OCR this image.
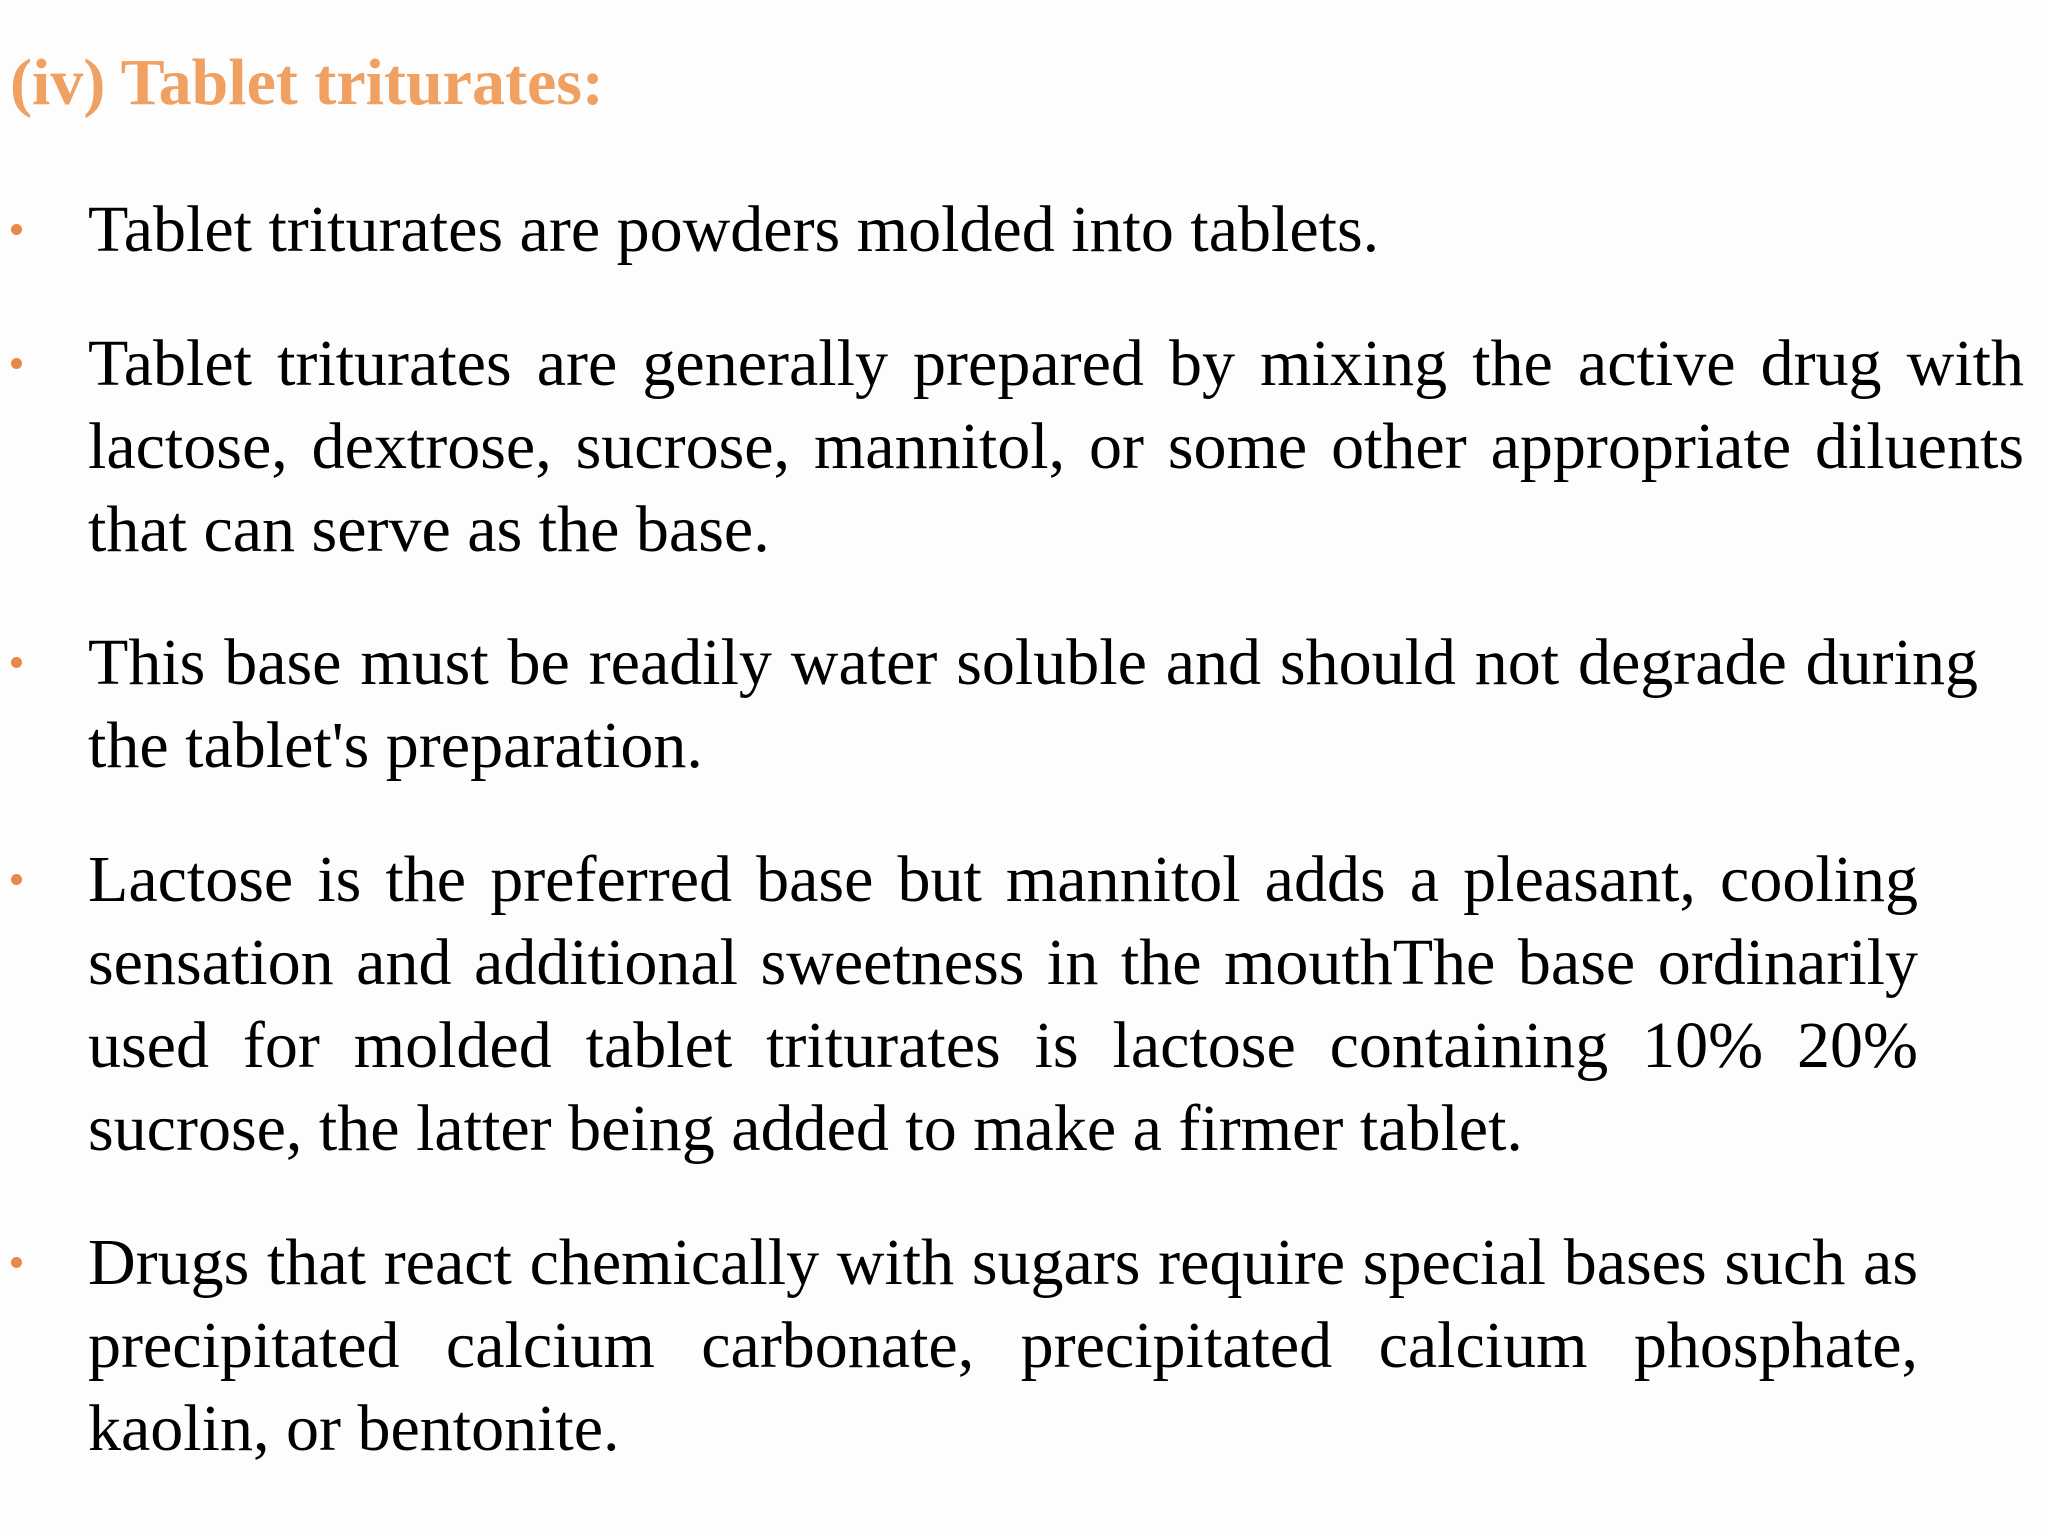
(iv) Tablet triturates:
Tablet triturates are powders molded into tablets.
Tablet triturates are generally prepared by mixing the active drug with lactose, dextrose, sucrose, mannitol, or some other appropriate diluents that can serve as the base.
This base must be readily water soluble and should not degrade during the tablet's preparation.
Lactose is the preferred base but mannitol adds a pleasant, cooling sensation and additional sweetness in the mouthThe base ordinarily used for molded tablet triturates is lactose containing 10% 20% sucrose, the latter being added to make a firmer tablet.
Drugs that react chemically with sugars require special bases such as precipitated calcium carbonate, precipitated calcium phosphate, kaolin, or bentonite.
